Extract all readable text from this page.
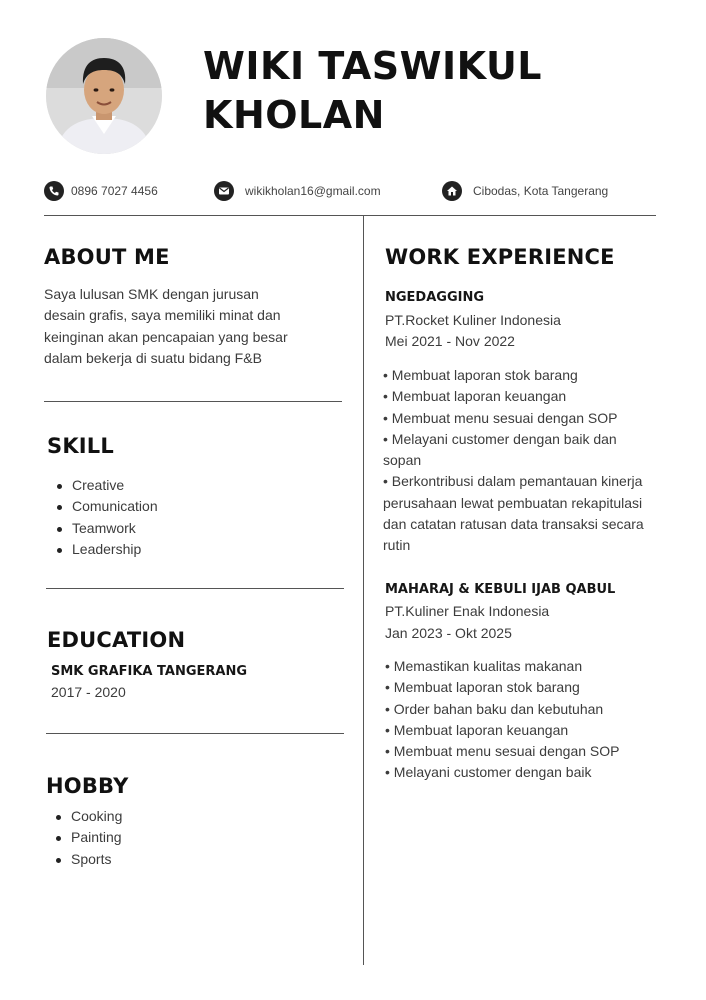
WIKI TASWIKUL
KHOLAN
0896 7027 4456	wikikholan16@gmail.com	Cibodas, Kota Tangerang
ABOUT ME
Saya lulusan SMK dengan jurusan
desain grafis, saya memiliki minat dan
keinginan akan pencapaian yang besar
dalam bekerja di suatu bidang F&B
SKILL
Creative
Comunication
Teamwork
Leadership
EDUCATION
SMK GRAFIKA TANGERANG
2017 - 2020
HOBBY
Cooking
Painting
Sports
WORK EXPERIENCE
NGEDAGGING
PT.Rocket Kuliner Indonesia
Mei 2021 - Nov 2022
• Membuat laporan stok barang
• Membuat laporan keuangan
• Membuat menu sesuai dengan SOP
• Melayani customer dengan baik dan sopan
• Berkontribusi dalam pemantauan kinerja perusahaan lewat pembuatan rekapitulasi dan catatan ratusan data transaksi secara rutin
MAHARAJ & KEBULI IJAB QABUL
PT.Kuliner Enak Indonesia
Jan 2023 - Okt 2025
• Memastikan kualitas makanan
• Membuat laporan stok barang
• Order bahan baku dan kebutuhan
• Membuat laporan keuangan
• Membuat menu sesuai dengan SOP
• Melayani customer dengan baik
